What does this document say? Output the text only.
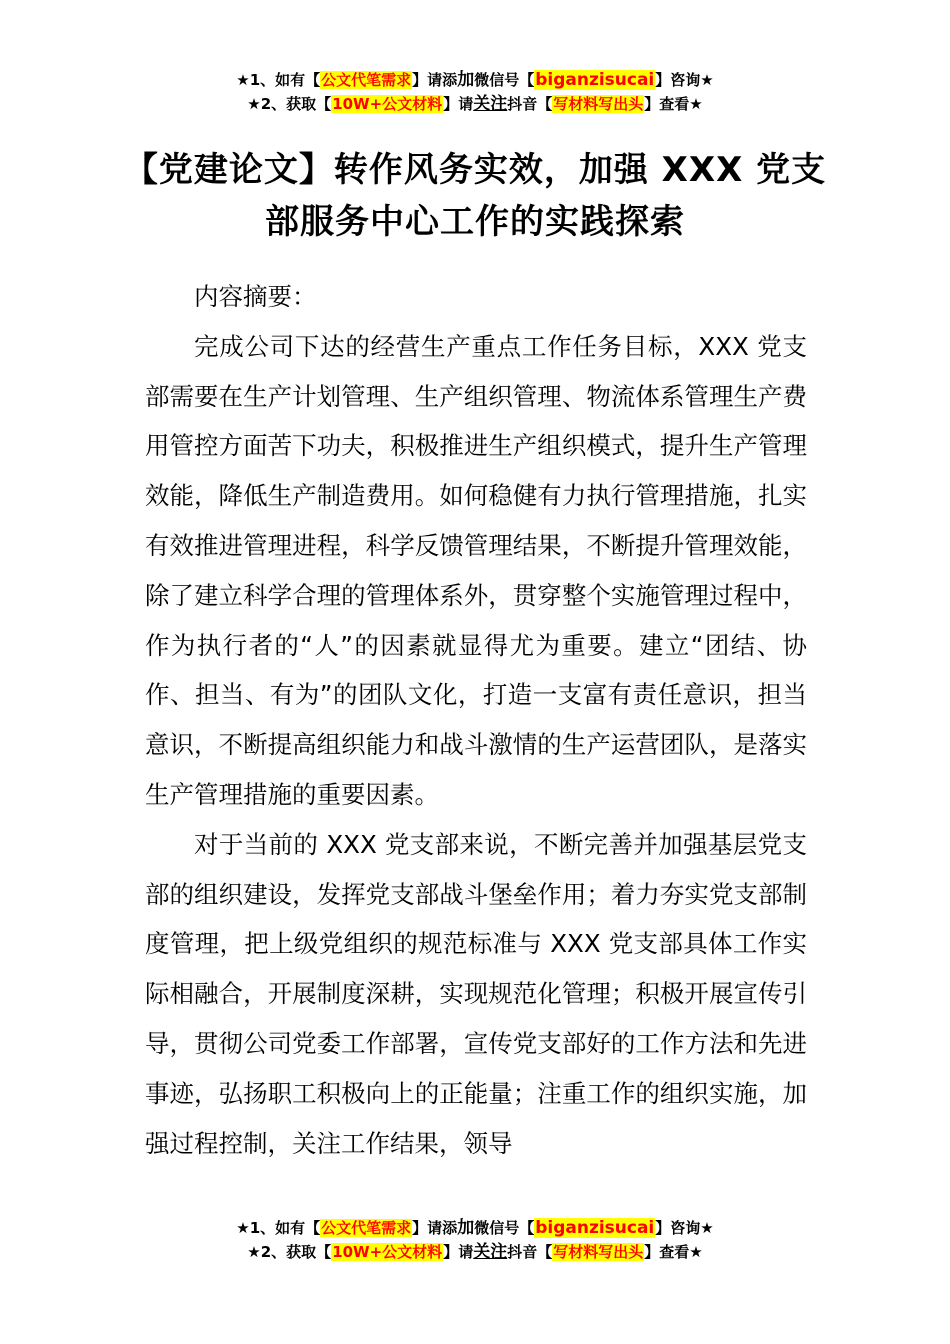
★1、如有【公文代笔需求】请添加微信号【biganzisucai】咨询★
★2、获取【10W+公文材料】请关注抖音【写材料写出头】查看★
【党建论文】转作风务实效，加强 XXX 党支部服务中心工作的实践探索

内容摘要：

完成公司下达的经营生产重点工作任务目标，XXX 党支部需要在生产计划管理、生产组织管理、物流体系管理生产费用管控方面苦下功夫，积极推进生产组织模式，提升生产管理效能，降低生产制造费用。如何稳健有力执行管理措施，扎实有效推进管理进程，科学反馈管理结果，不断提升管理效能，除了建立科学合理的管理体系外，贯穿整个实施管理过程中，作为执行者的“人”的因素就显得尤为重要。建立“团结、协作、担当、有为”的团队文化，打造一支富有责任意识，担当意识，不断提高组织能力和战斗激情的生产运营团队，是落实生产管理措施的重要因素。

对于当前的 XXX 党支部来说，不断完善并加强基层党支部的组织建设，发挥党支部战斗堡垒作用；着力夯实党支部制度管理，把上级党组织的规范标准与 XXX 党支部具体工作实际相融合，开展制度深耕，实现规范化管理；积极开展宣传引导，贯彻公司党委工作部署，宣传党支部好的工作方法和先进事迹，弘扬职工积极向上的正能量；注重工作的组织实施，加强过程控制，关注工作结果，领导

★1、如有【公文代笔需求】请添加微信号【biganzisucai】咨询★
★2、获取【10W+公文材料】请关注抖音【写材料写出头】查看★
